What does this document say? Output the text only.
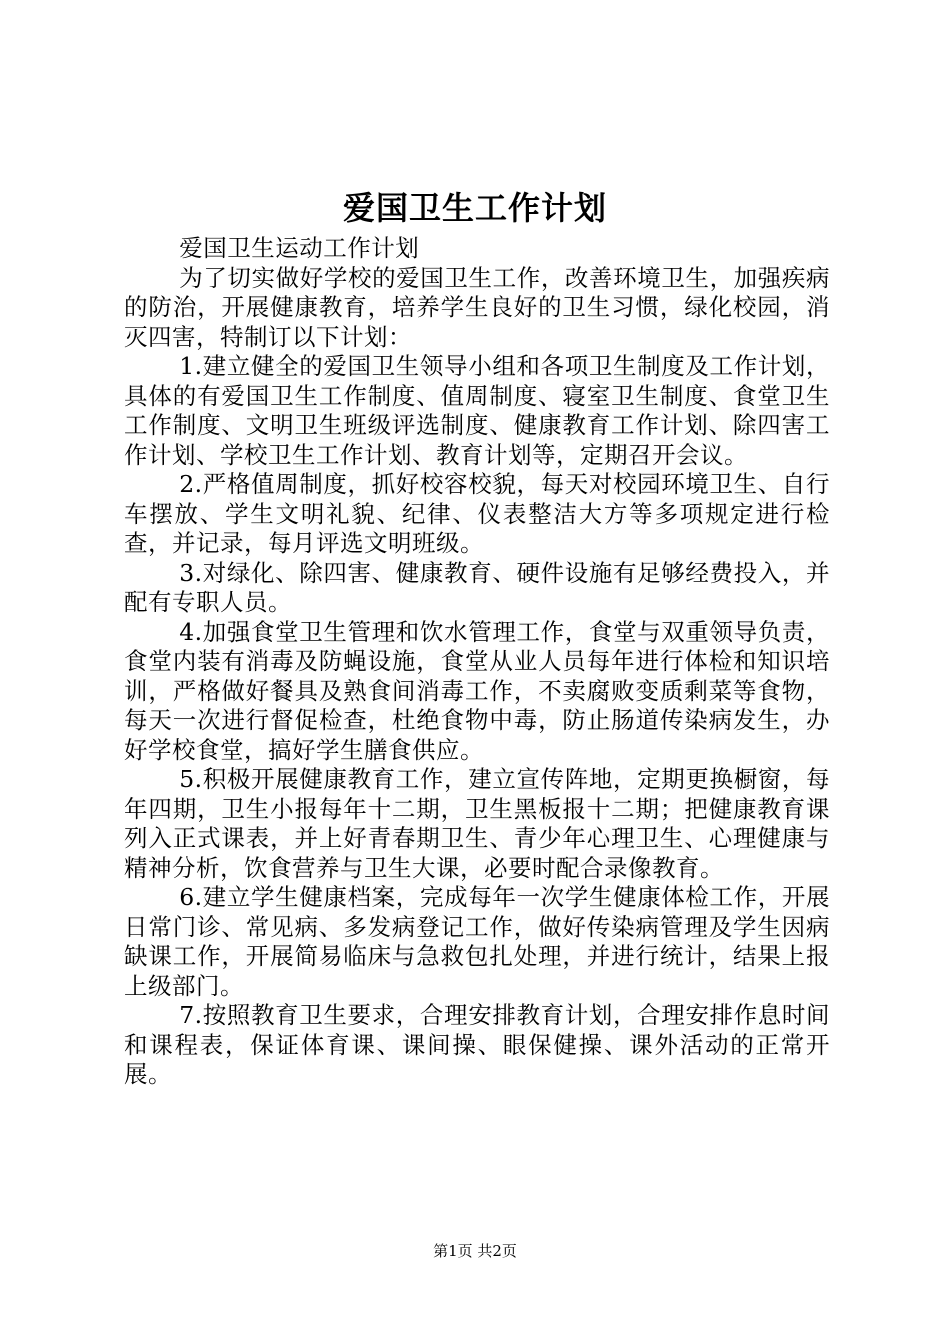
爱国卫生工作计划

爱国卫生运动工作计划

为了切实做好学校的爱国卫生工作，改善环境卫生，加强疾病的防治，开展健康教育，培养学生良好的卫生习惯，绿化校园，消灭四害，特制订以下计划：

1.建立健全的爱国卫生领导小组和各项卫生制度及工作计划，具体的有爱国卫生工作制度、值周制度、寝室卫生制度、食堂卫生工作制度、文明卫生班级评选制度、健康教育工作计划、除四害工作计划、学校卫生工作计划、教育计划等，定期召开会议。

2.严格值周制度，抓好校容校貌，每天对校园环境卫生、自行车摆放、学生文明礼貌、纪律、仪表整洁大方等多项规定进行检查，并记录，每月评选文明班级。

3.对绿化、除四害、健康教育、硬件设施有足够经费投入，并配有专职人员。

4.加强食堂卫生管理和饮水管理工作，食堂与双重领导负责，食堂内装有消毒及防蝇设施，食堂从业人员每年进行体检和知识培训，严格做好餐具及熟食间消毒工作，不卖腐败变质剩菜等食物，每天一次进行督促检查，杜绝食物中毒，防止肠道传染病发生，办好学校食堂，搞好学生膳食供应。

5.积极开展健康教育工作，建立宣传阵地，定期更换橱窗，每年四期，卫生小报每年十二期，卫生黑板报十二期；把健康教育课列入正式课表，并上好青春期卫生、青少年心理卫生、心理健康与精神分析，饮食营养与卫生大课，必要时配合录像教育。

6.建立学生健康档案，完成每年一次学生健康体检工作，开展日常门诊、常见病、多发病登记工作，做好传染病管理及学生因病缺课工作，开展简易临床与急救包扎处理，并进行统计，结果上报上级部门。

7.按照教育卫生要求，合理安排教育计划，合理安排作息时间和课程表，保证体育课、课间操、眼保健操、课外活动的正常开展。

第1页 共2页
